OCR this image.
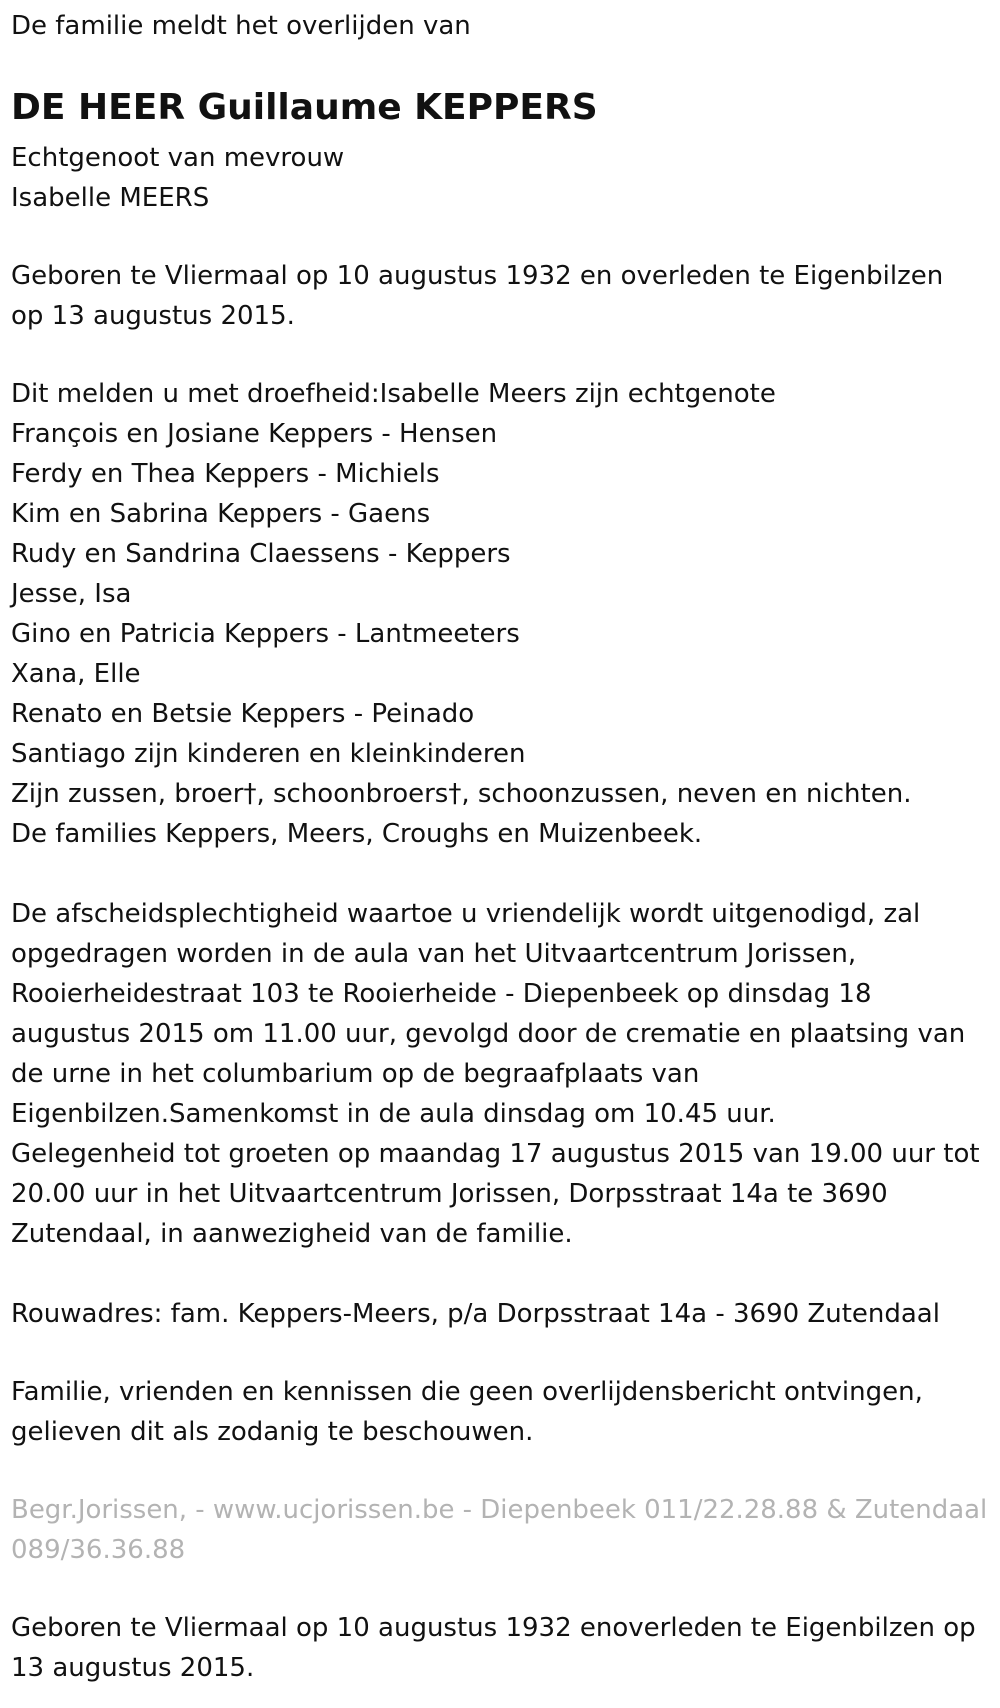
De familie meldt het overlijden van
DE HEER Guillaume KEPPERS
Echtgenoot van mevrouw
Isabelle MEERS
Geboren te Vliermaal op 10 augustus 1932 en overleden te Eigenbilzen
op 13 augustus 2015.
Dit melden u met droefheid:Isabelle Meers zijn echtgenote
François en Josiane Keppers - Hensen
Ferdy en Thea Keppers - Michiels
Kim en Sabrina Keppers - Gaens
Rudy en Sandrina Claessens - Keppers
Jesse, Isa
Gino en Patricia Keppers - Lantmeeters
Xana, Elle
Renato en Betsie Keppers - Peinado
Santiago zijn kinderen en kleinkinderen
Zijn zussen, broer†, schoonbroers†, schoonzussen, neven en nichten.
De families Keppers, Meers, Croughs en Muizenbeek.
De afscheidsplechtigheid waartoe u vriendelijk wordt uitgenodigd, zal
opgedragen worden in de aula van het Uitvaartcentrum Jorissen,
Rooierheidestraat 103 te Rooierheide - Diepenbeek op dinsdag 18
augustus 2015 om 11.00 uur, gevolgd door de crematie en plaatsing van
de urne in het columbarium op de begraafplaats van
Eigenbilzen.Samenkomst in de aula dinsdag om 10.45 uur.
Gelegenheid tot groeten op maandag 17 augustus 2015 van 19.00 uur tot
20.00 uur in het Uitvaartcentrum Jorissen, Dorpsstraat 14a te 3690
Zutendaal, in aanwezigheid van de familie.
Rouwadres: fam. Keppers-Meers, p/a Dorpsstraat 14a - 3690 Zutendaal
Familie, vrienden en kennissen die geen overlijdensbericht ontvingen,
gelieven dit als zodanig te beschouwen.
Begr.Jorissen, - www.ucjorissen.be - Diepenbeek 011/22.28.88 & Zutendaal
089/36.36.88
Geboren te Vliermaal op 10 augustus 1932 enoverleden te Eigenbilzen op
13 augustus 2015.
